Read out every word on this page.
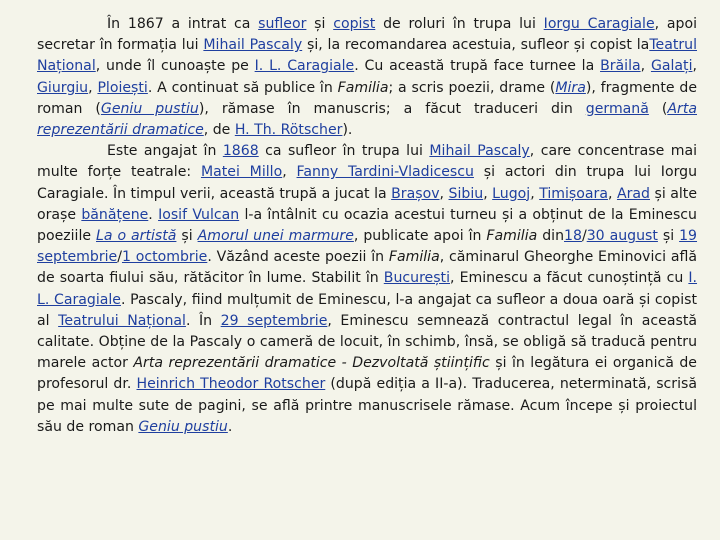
În 1867 a intrat ca sufleor și copist de roluri în trupa lui Iorgu Caragiale, apoi secretar în formația lui Mihail Pascaly și, la recomandarea acestuia, sufleor și copist laTeatrul Național, unde îl cunoaște pe I. L. Caragiale. Cu această trupă face turnee la Brăila, Galați, Giurgiu, Ploiești. A continuat să publice în Familia; a scris poezii, drame (Mira), fragmente de roman (Geniu pustiu), rămase în manuscris; a făcut traduceri din germană (Arta reprezentării dramatice, de H. Th. Rötscher).
Este angajat în 1868 ca sufleor în trupa lui Mihail Pascaly, care concentrase mai multe forțe teatrale: Matei Millo, Fanny Tardini-Vladicescu și actori din trupa lui Iorgu Caragiale. În timpul verii, această trupă a jucat la Brașov, Sibiu, Lugoj, Timișoara, Arad și alte orașe bănățene. Iosif Vulcan l-a întâlnit cu ocazia acestui turneu și a obținut de la Eminescu poeziile La o artistă și Amorul unei marmure, publicate apoi în Familia din18/30 august și 19 septembrie/1 octombrie. Văzând aceste poezii în Familia, căminarul Gheorghe Eminovici află de soarta fiului său, rătăcitor în lume. Stabilit în București, Eminescu a făcut cunoștință cu I. L. Caragiale. Pascaly, fiind mulțumit de Eminescu, l-a angajat ca sufleor a doua oară și copist al Teatrului Național. În 29 septembrie, Eminescu semnează contractul legal în această calitate. Obține de la Pascaly o cameră de locuit, în schimb, însă, se obligă să traducă pentru marele actor Arta reprezentării dramatice - Dezvoltată științific și în legătura ei organică de profesorul dr. Heinrich Theodor Rotscher (după ediția a II-a). Traducerea, neterminată, scrisă pe mai multe sute de pagini, se află printre manuscrisele rămase. Acum începe și proiectul său de roman Geniu pustiu.
